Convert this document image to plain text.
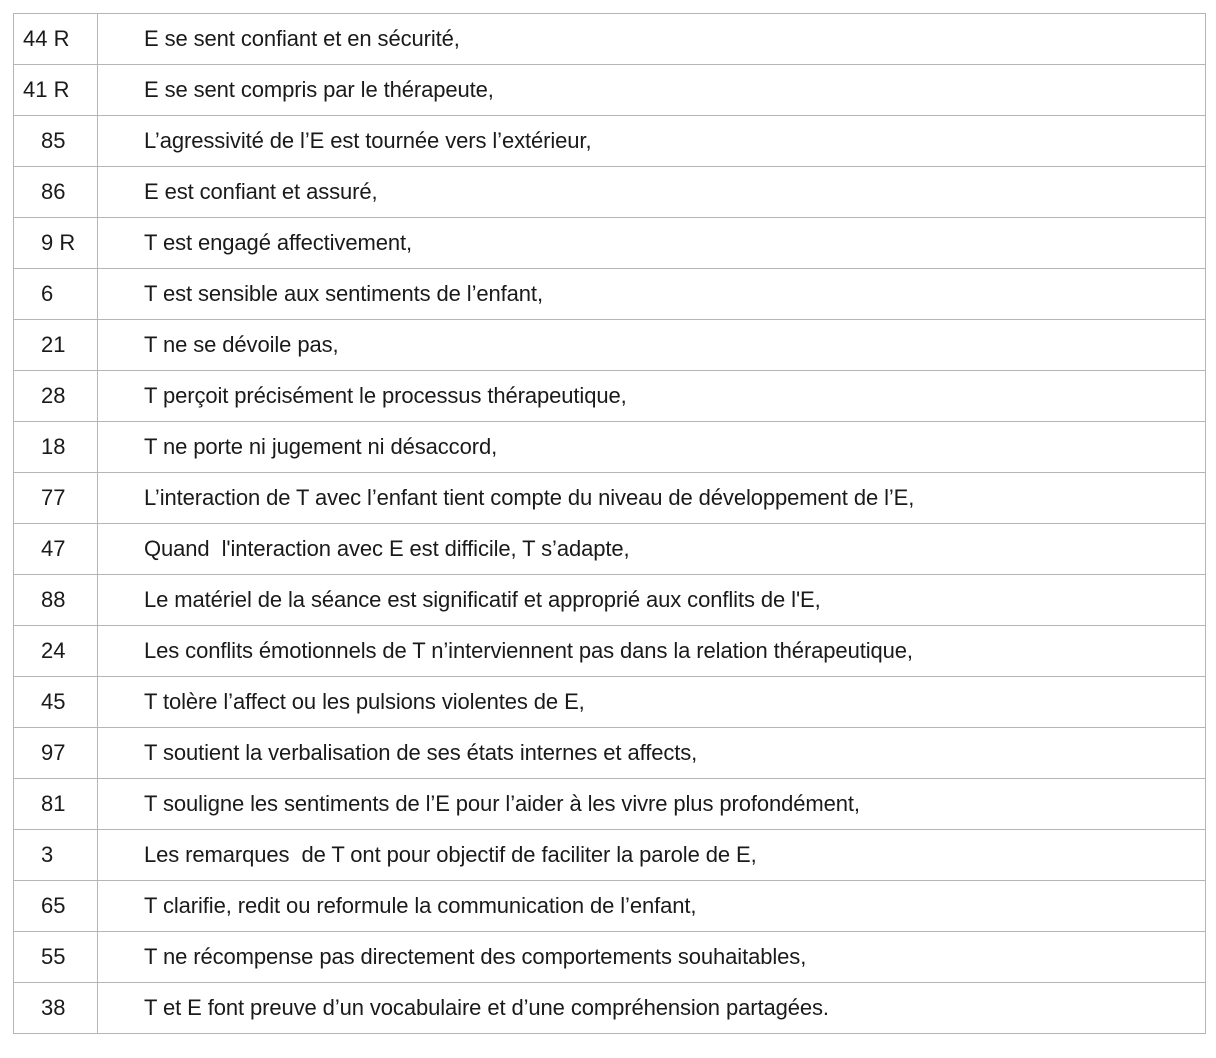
44 R	E se sent confiant et en sécurité,
41 R	E se sent compris par le thérapeute,
85	L’agressivité de l’E est tournée vers l’extérieur,
86	E est confiant et assuré,
9 R	T est engagé affectivement,
6	T est sensible aux sentiments de l’enfant,
21	T ne se dévoile pas,
28	T perçoit précisément le processus thérapeutique,
18	T ne porte ni jugement ni désaccord,
77	L’interaction de T avec l’enfant tient compte du niveau de développement de l’E,
47	Quand  l'interaction avec E est difficile, T s’adapte,
88	Le matériel de la séance est significatif et approprié aux conflits de l'E,
24	Les conflits émotionnels de T n’interviennent pas dans la relation thérapeutique,
45	T tolère l’affect ou les pulsions violentes de E,
97	T soutient la verbalisation de ses états internes et affects,
81	T souligne les sentiments de l’E pour l’aider à les vivre plus profondément,
3	Les remarques  de T ont pour objectif de faciliter la parole de E,
65	T clarifie, redit ou reformule la communication de l’enfant,
55	T ne récompense pas directement des comportements souhaitables,
38	T et E font preuve d’un vocabulaire et d’une compréhension partagées.
